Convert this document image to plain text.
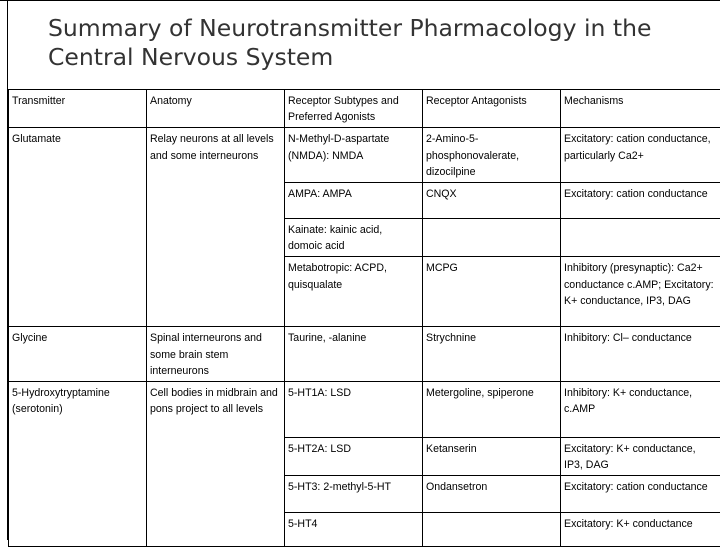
Summary of Neurotransmitter Pharmacology in the Central Nervous System
Transmitter	Anatomy	Receptor Subtypes and Preferred Agonists	Receptor Antagonists	Mechanisms
Glutamate	Relay neurons at all levels and some interneurons	N-Methyl-D-aspartate (NMDA): NMDA	2-Amino-5-phosphonovalerate, dizocilpine	Excitatory: cation conductance, particularly Ca2+
		AMPA: AMPA	CNQX	Excitatory: cation conductance
		Kainate: kainic acid, domoic acid		
		Metabotropic: ACPD, quisqualate	MCPG	Inhibitory (presynaptic): Ca2+ conductance c.AMP; Excitatory: K+ conductance, IP3, DAG
Glycine	Spinal interneurons and some brain stem interneurons	Taurine, -alanine	Strychnine	Inhibitory: Cl– conductance
5-Hydroxytryptamine (serotonin)	Cell bodies in midbrain and pons project to all levels	5-HT1A: LSD	Metergoline, spiperone	Inhibitory: K+ conductance, c.AMP
		5-HT2A: LSD	Ketanserin	Excitatory: K+ conductance, IP3, DAG
		5-HT3: 2-methyl-5-HT	Ondansetron	Excitatory: cation conductance
		5-HT4		Excitatory: K+ conductance
